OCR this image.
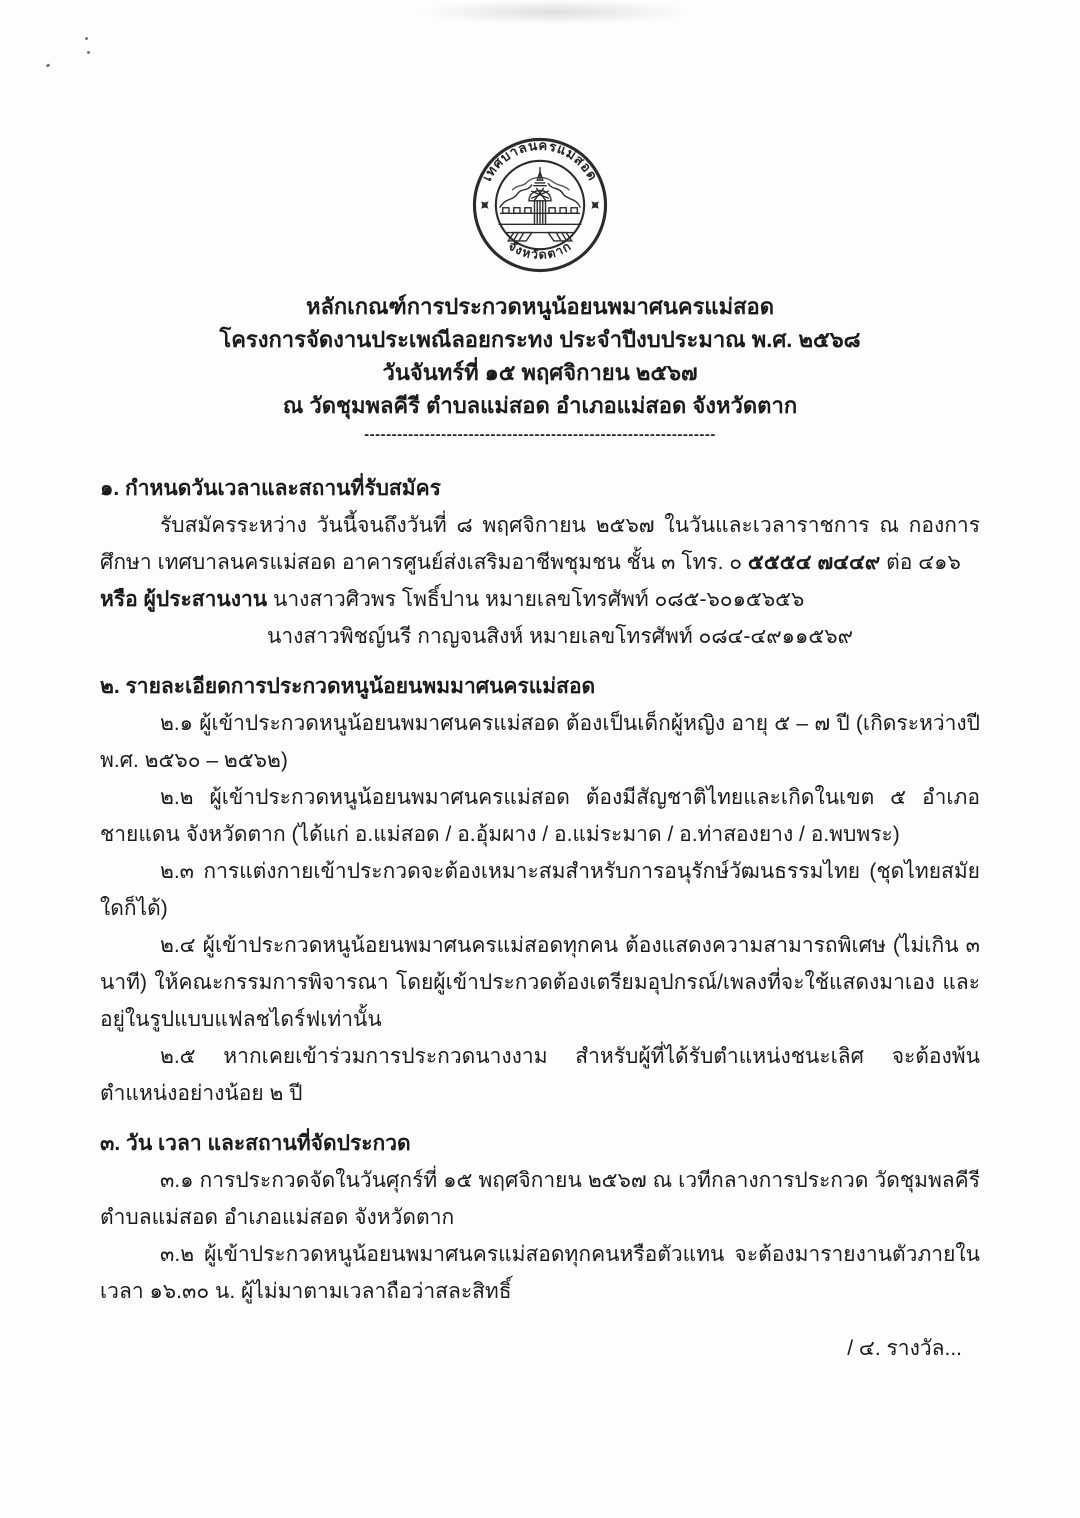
เทศบาลนครแม่สอด
จังหวัดตาก
หลักเกณฑ์การประกวดหนูน้อยนพมาศนครแม่สอด
โครงการจัดงานประเพณีลอยกระทง ประจำปีงบประมาณ พ.ศ. ๒๕๖๘
วันจันทร์ที่ ๑๕ พฤศจิกายน ๒๕๖๗
ณ วัดชุมพลคีรี ตำบลแม่สอด อำเภอแม่สอด จังหวัดตาก
----------------------------------------------------------------
๑. กำหนดวันเวลาและสถานที่รับสมัคร

รับสมัครระหว่าง วันนี้จนถึงวันที่ ๘ พฤศจิกายน ๒๕๖๗ ในวันและเวลาราชการ ณ กองการศึกษา เทศบาลนครแม่สอด อาคารศูนย์ส่งเสริมอาชีพชุมชน ชั้น ๓ โทร. ๐ ๕๕๕๔ ๗๔๔๙ ต่อ ๔๑๖

หรือ ผู้ประสานงาน นางสาวศิวพร โพธิ์ปาน หมายเลขโทรศัพท์ ๐๘๕-๖๐๑๕๖๕๖

นางสาวพิชญ์นรี กาญจนสิงห์ หมายเลขโทรศัพท์ ๐๘๔-๔๙๑๑๕๖๙

๒. รายละเอียดการประกวดหนูน้อยนพมมาศนครแม่สอด

๒.๑ ผู้เข้าประกวดหนูน้อยนพมาศนครแม่สอด ต้องเป็นเด็กผู้หญิง อายุ ๕ – ๗ ปี (เกิดระหว่างปี พ.ศ. ๒๕๖๐ – ๒๕๖๒)

๒.๒ ผู้เข้าประกวดหนูน้อยนพมาศนครแม่สอด ต้องมีสัญชาติไทยและเกิดในเขต ๕ อำเภอชายแดน จังหวัดตาก (ได้แก่ อ.แม่สอด / อ.อุ้มผาง / อ.แม่ระมาด / อ.ท่าสองยาง / อ.พบพระ)

๒.๓ การแต่งกายเข้าประกวดจะต้องเหมาะสมสำหรับการอนุรักษ์วัฒนธรรมไทย (ชุดไทยสมัยใดก็ได้)

๒.๔ ผู้เข้าประกวดหนูน้อยนพมาศนครแม่สอดทุกคน ต้องแสดงความสามารถพิเศษ (ไม่เกิน ๓ นาที) ให้คณะกรรมการพิจารณา โดยผู้เข้าประกวดต้องเตรียมอุปกรณ์/เพลงที่จะใช้แสดงมาเอง และอยู่ในรูปแบบแฟลชไดร์ฟเท่านั้น

๒.๕ หากเคยเข้าร่วมการประกวดนางงาม สำหรับผู้ที่ได้รับตำแหน่งชนะเลิศ จะต้องพ้นตำแหน่งอย่างน้อย ๒ ปี

๓. วัน เวลา และสถานที่จัดประกวด

๓.๑ การประกวดจัดในวันศุกร์ที่ ๑๕ พฤศจิกายน ๒๕๖๗ ณ เวทีกลางการประกวด วัดชุมพลคีรี ตำบลแม่สอด อำเภอแม่สอด จังหวัดตาก

๓.๒ ผู้เข้าประกวดหนูน้อยนพมาศนครแม่สอดทุกคนหรือตัวแทน จะต้องมารายงานตัวภายในเวลา ๑๖.๓๐ น. ผู้ไม่มาตามเวลาถือว่าสละสิทธิ์

/ ๔. รางวัล...
